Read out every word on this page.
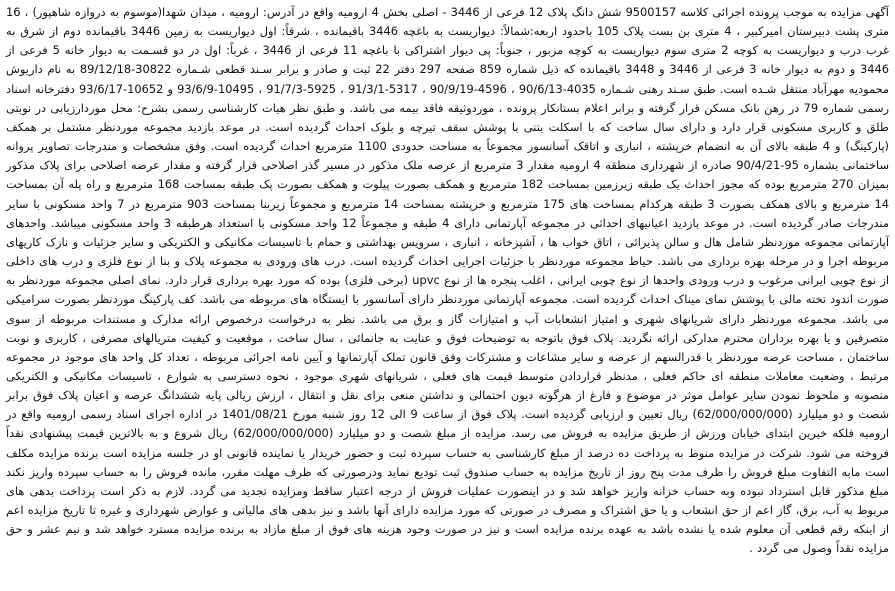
آگهی مزایده به موجب پرونده اجرائی کلاسه 9500157 شش دانگ پلاک 12 فرعی از 3446 - اصلی بخش 4 ارومیه واقع در آدرس: ارومیه ، میدان شهدا(موسوم به دروازه شاهپور) ، 16 متری پشت دبیرستان امیرکبیر ، 4 متری بن بست پلاک 105 باحدود اربعه:شمالاً: دیواریست به باغچه 3446 باقیمانده ، شرقاً: اول دیواریست به زمین 3446 باقیمانده دوم از شرق به غرب درب و دیواریست به کوچه 2 متری سوم دیواریست به کوچه مزبور ، جنوباً: پی دیوار اشتراکی با باغچه 11 فرعی از 3446 ، غرباً: اول در دو قسـمت به دیوار خانه 5 فرعی از 3446 و دوم به دیوار خانه 3 فرعی از 3446 و 3448 باقیمانده که ذیل شماره 859 صفحه 297 دفتر 22 ثبت و صادر و برابر سـند قطعی شـماره 30822-89/12/18 به نام داریوش محمودیه مهرآباد منتقل شـده است. طبق سـند رهنی شـماره 4035-90/6/13 ، 4596-90/9/19 ، 5317-91/3/1 ، 5925-91/7/3 ، 10495-93/6/9 و 10652-93/6/17 دفترخانه اسناد رسمی شماره 79 در رهن بانک مسکن قرار گرفته و برابر اعلام بستانکار پرونده ، موردوثیقه فاقد بیمه می باشد. و طبق نظر هیات کارشناسی رسمی بشرح: محل موردارزیابی در نوبتی طلق و کاربری مسکونی قرار دارد و دارای سال ساخت که با اسکلت بتنی با پوشش سقف تیرچه و بلوک احداث گردیده است. در موعد بازدید مجموعه موردنظر مشتمل بر همکف (پارکینگ) و 4 طبقه بالای آن به انضمام خرپشته ، انباری و اتاقک آسانسور مجموعاً به مساحت حدودی 1100 مترمربع احداث گردیده است. وفق مشخصات و مندرجات تصاویر پروانه ساختمانی بشماره 95-90/4/21 صادره از شهرداری منطقه 4 ارومیه مقدار 3 مترمربع از عرصه ملک مذکور در مسیر گذر اصلاحی قرار گرفته و مقدار عرصه اصلاحی برای پلاک مذکور بمیزان 270 مترمربع بوده که مجوز احداث یک طبقه زیرزمین بمساحت 182 مترمربع و همکف بصورت پیلوت و همکف بصورت پک طبقه بمساحت 168 مترمربع و راه پله آن بمساحت 14 مترمربع و بالای همکف بصورت 3 طبقه هرکدام بمساحت های 175 مترمربع و خرپشته بمساحت 14 مترمربع و مجموعاً زیربنا بمساحت 903 مترمربع در 7 واحد مسکونی با سایر مندرجات صادر گردیده است. در موعد بازدید اعیانیهای احداثی در مجموعه آپارتمانی دارای 4 طبقه و مجموعاً 12 واحد مسکونی با استعداد هرطبقه 3 واحد مسکونی میباشد. واحدهای آپارتمانی مجموعه موردنظر شامل هال و سالن پذیرائی ، اتاق خواب ها ، آشپزخانه ، انباری ، سرویس بهداشتی و حمام با تاسیسات مکانیکی و الکتریکی و سایر جزئیات و نازک کاریهای مربوطه اجرا و در مرحله بهره برداری می باشد. حیاط مجموعه موردنظر با جزئیات اجرایی احداث گردیده است. درب های ورودی به مجموعه پلاک و بنا از نوع فلزی و درب های داخلی از نوع چوبی ایرانی مرغوب و درب ورودی واحدها از نوع چوبی ایرانی ، اغلب پنجره ها از نوع upvc (برخی فلزی) بوده که مورد بهره برداری قرار دارد. نمای اصلی مجموعه موردنظر به صورت اندود تخته مالی با پوشش نمای میناک احداث گردیده است. مجموعه آپارتمانی موردنظر دارای آسانسور با ایستگاه های مربوطه می باشد. کف پارکینگ موردنظر بصورت سرامیکی می باشد. مجموعه موردنظر دارای شریانهای شهری و امتیاز انشعابات آب و امتیازات گاز و برق می باشد. نظر به درخواست درخصوص ارائه مدارک و مستندات مربوطه از سوی متصرفین و یا بهره برداران محترم مدارکی ارائه نگردید. پلاک فوق باتوجه به توضیحات فوق و عنایت به جانمائی ، سال ساخت ، موقعیت و کیفیت متریالهای مصرفی ، کاربری و نوبت ساختمان ، مساحت عرصه موردنظر با قدرالسهم از عرصه و سایر مشاعات و مشترکات وفق قانون تملک آپارتمانها و آیین نامه اجرائی مربوطه ، تعداد کل واحد های موجود در مجموعه مرتبط ، وضعیت معاملات منطقه ای حاکم فعلی ، مدنظر قراردادن متوسط قیمت های فعلی ، شریانهای شهری موجود ، نحوه دسترسی به شوارع ، تاسیسات مکانیکی و الکتریکی منصوبه و ملحوظ نمودن سایر عوامل موثر در موضوع و فارغ از هرگونه دیون احتمالی و نداشتن منعی برای نقل و انتقال ، ارزش ریالی پایه ششدانگ عرصه و اعیان پلاک فوق برابر شصت و دو میلیارد (62/000/000/000) ریال تعیین و ارزیابی گردیده است. پلاک فوق از ساعت 9 الی 12 روز شنبه مورخ 1401/08/21 در اداره اجرای اسناد رسمی ارومیه واقع در ارومیه فلکه خیرین ابتدای خیابان ورزش از طریق مزایده به فروش می رسد. مزایده از مبلغ شصت و دو میلیارد (62/000/000/000) ریال شروع و به بالاترین قیمت پیشنهادی نقداً فروخته می شود. شرکت در مزایده منوط به پرداخت ده درصد از مبلغ کارشناسی به حساب سپرده ثبت و حضور خریدار یا نماینده قانونی او در جلسه مزایده است برنده مزایده مکلف است مابه التفاوت مبلغ فروش را ظرف مدت پنج روز از تاریخ مزایده به حساب صندوق ثبت تودیع نماید ودرصورتی که ظرف مهلت مقرر، مانده فروش را به حساب سپرده واریز نکند مبلغ مذکور قابل استرداد نبوده وبه حساب خزانه واریز خواهد شد و در اینصورت عملیات فروش از درجه اعتبار ساقط ومزایده تجدید می گردد. لازم به ذکر است پرداخت بدهی های مربوط به آب، برق، گاز اعم از حق انشعاب و یا حق اشتراک و مصرف در صورتی که مورد مزایده دارای آنها باشد و نیز بدهی های مالیاتی و عوارض شهرداری و غیره تا تاریخ مزایده اعم از اینکه رقم قطعی آن معلوم شده یا نشده باشد به عهده برنده مزایده است و نیز در صورت وجود هزینه های فوق از مبلغ مازاد به برنده مزایده مسترد خواهد شد و نیم عشر و حق مزایده نقداً وصول می گردد .
